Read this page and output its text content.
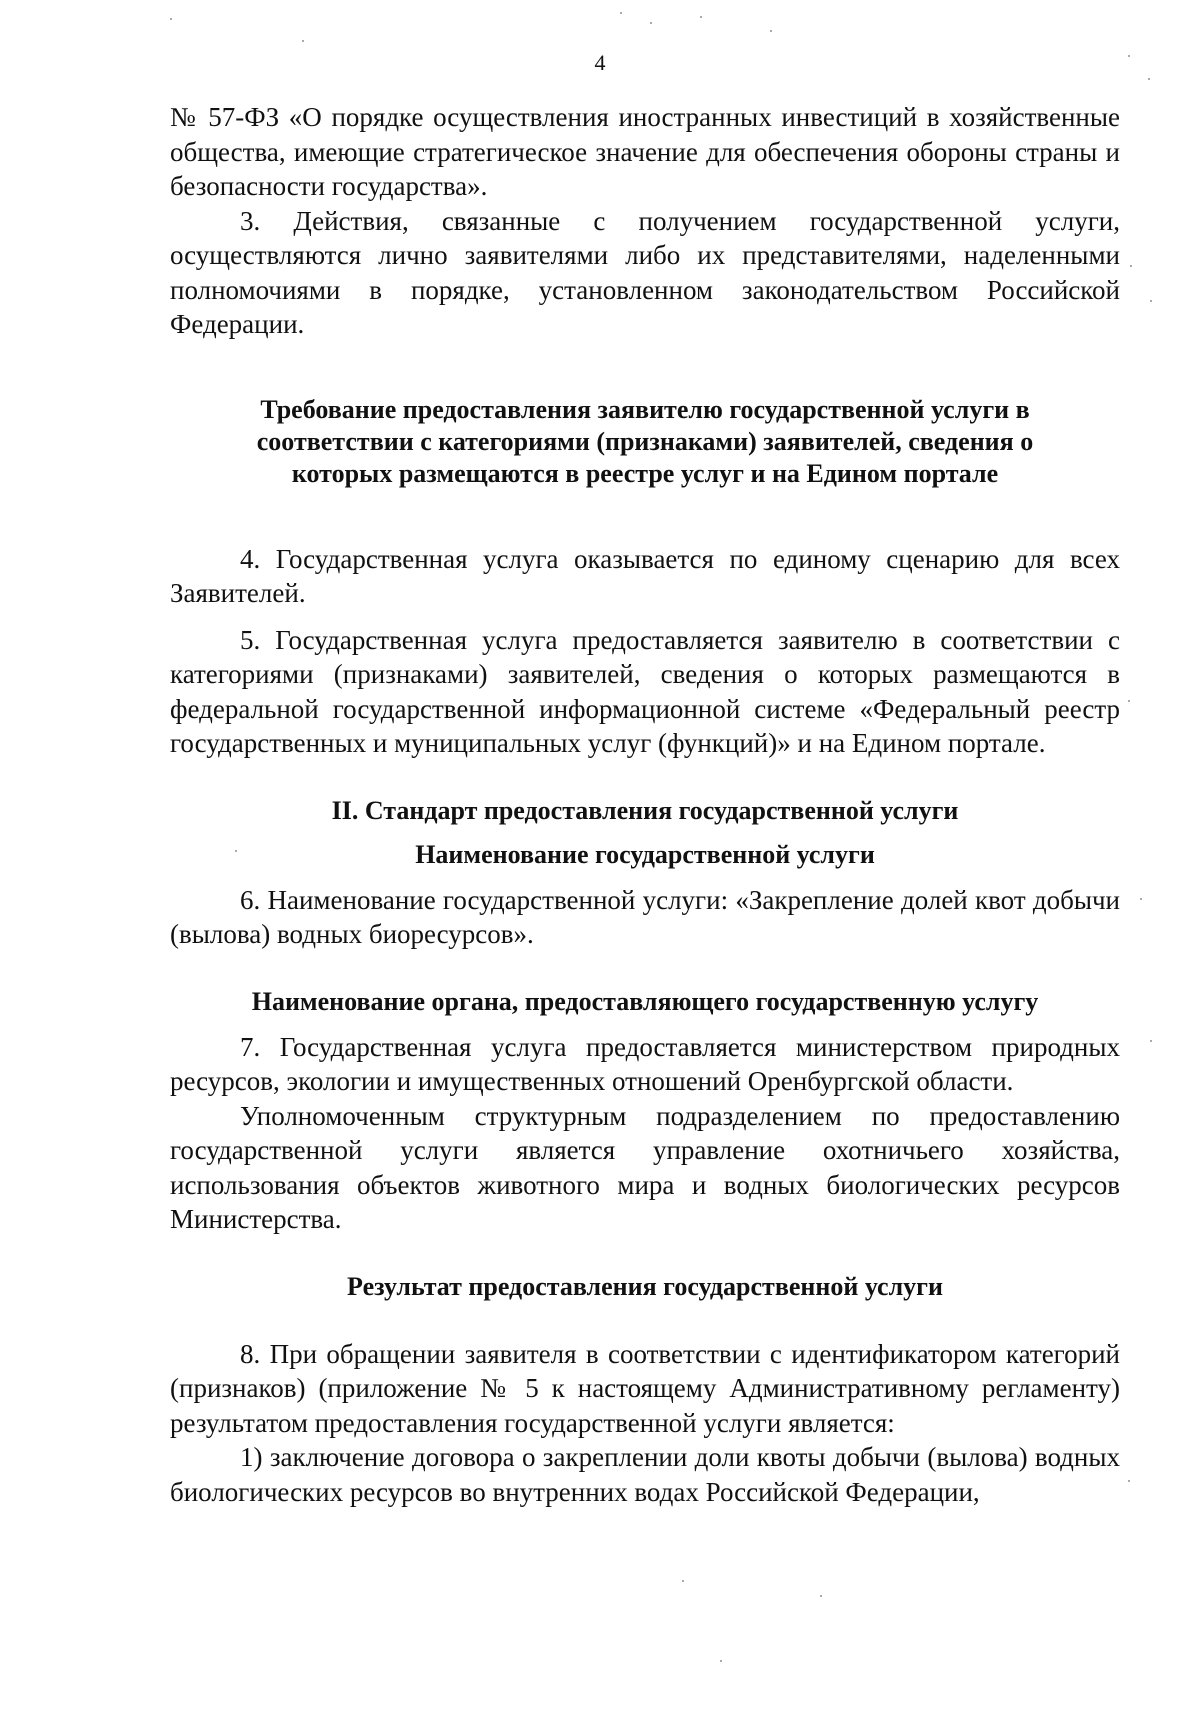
4

№ 57-ФЗ «О порядке осуществления иностранных инвестиций в хозяйственные общества, имеющие стратегическое значение для обеспечения обороны страны и безопасности государства».

3. Действия, связанные с получением государственной услуги, осуществляются лично заявителями либо их представителями, наделенными полномочиями в порядке, установленном законодательством Российской Федерации.

Требование предоставления заявителю государственной услуги в
соответствии с категориями (признаками) заявителей, сведения о
которых размещаются в реестре услуг и на Едином портале

4. Государственная услуга оказывается по единому сценарию для всех Заявителей.

5. Государственная услуга предоставляется заявителю в соответствии с категориями (признаками) заявителей, сведения о которых размещаются в федеральной государственной информационной системе «Федеральный реестр государственных и муниципальных услуг (функций)» и на Едином портале.

II. Стандарт предоставления государственной услуги
Наименование государственной услуги

6. Наименование государственной услуги: «Закрепление долей квот добычи (вылова) водных биоресурсов».

Наименование органа, предоставляющего государственную услугу

7. Государственная услуга предоставляется министерством природных ресурсов, экологии и имущественных отношений Оренбургской области.

Уполномоченным структурным подразделением по предоставлению государственной услуги является управление охотничьего хозяйства, использования объектов животного мира и водных биологических ресурсов Министерства.

Результат предоставления государственной услуги

8. При обращении заявителя в соответствии с идентификатором категорий (признаков) (приложение № 5 к настоящему Административному регламенту) результатом предоставления государственной услуги является:

1) заключение договора о закреплении доли квоты добычи (вылова) водных биологических ресурсов во внутренних водах Российской Федерации,
